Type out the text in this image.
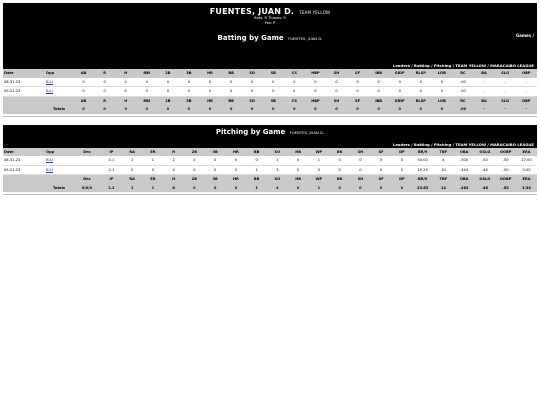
FUENTES, JUAN D. TEAM YELLOW
Bats: R Throws: R
Pos: P
Games /
Batting by Game FUENTES, JUAN D.
Leaders / Batting / Pitching / TEAM YELLOW / MARACAIBO LEAGUE
Date	Opp	AB	R	H	RBI	2B	3B	HR	BB	SO	SB	CS	HBP	SH	SF	IBB	GIDP	RLSP	LOB	RC	BA	SLG	OBP
08-31-23	BLU	0	0	0	0	0	0	0	0	0	0	0	0	0	0	0	0	0	0	.00	-	-	-
09-21-23	BLU	0	0	0	0	0	0	0	0	0	0	0	0	0	0	0	0	0	0	.00	-	-	-
		AB	R	H	RBI	2B	3B	HR	BB	SO	SB	CS	HBP	SH	SF	IBB	GIDP	RLSP	LOB	RC	BA	SLG	OBP
	Totals	0	0	0	0	0	0	0	0	0	0	0	0	0	0	0	0	0	0	.00	-	-	-
Pitching by Game FUENTES, JUAN D.
Leaders / Batting / Pitching / TEAM YELLOW / MARACAIBO LEAGUE
Date	Opp	Dec	IP	RA	ER	H	2B	3B	HR	BB	SO	HB	WP	BK	SH	SF	DP	BR/9	TBF	OBA	OSLG	OOBP	ERA
08-31-23	BLU		0.1	1	1	2	0	0	0	0	1	0	1	0	0	0	0	54.00	4	.500	.50	.50	27.00
09-21-23	BLU		2.1	0	0	4	0	0	0	1	3	0	0	0	0	0	0	19.29	10	.444	.44	.50	0.00
		Dec	IP	RA	ER	H	2B	3B	HR	BB	SO	HB	WP	BK	SH	SF	DP	BR/9	TBF	OBA	OSLG	OOBP	ERA
	Totals	0/0/0	2.2	1	1	6	0	0	0	1	4	0	1	0	0	0	0	23.63	14	.462	.46	.50	3.38
